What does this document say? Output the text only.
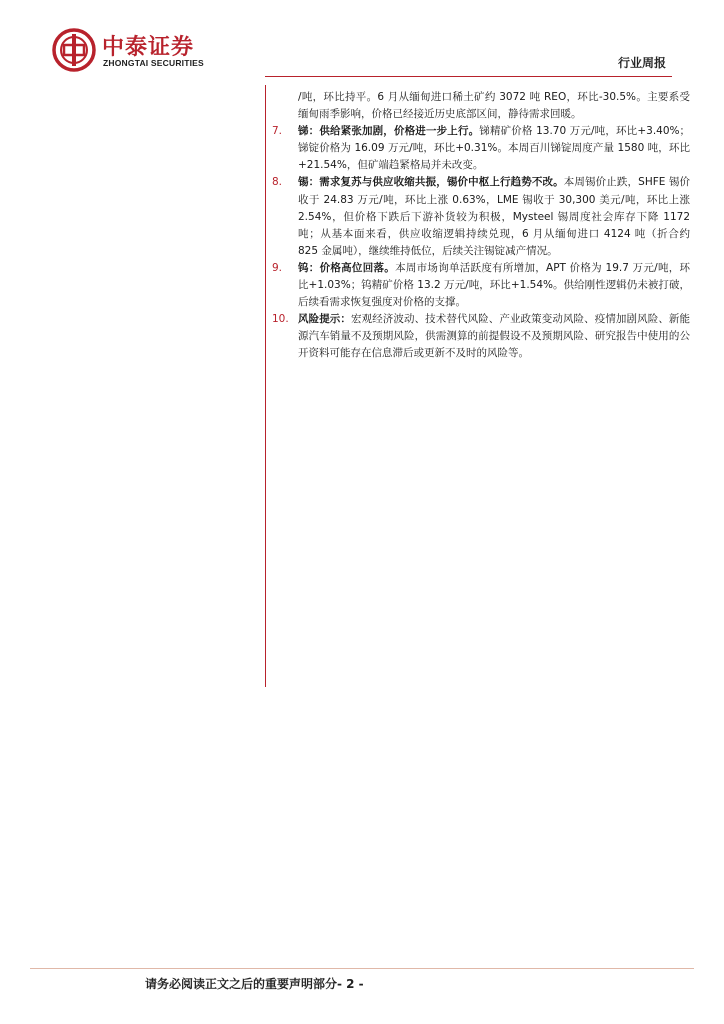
中泰证券
ZHONGTAI SECURITIES	行业周报

/吨，环比持平。6 月从缅甸进口稀土矿约 3072 吨 REO，环比-30.5%。主要系受缅甸雨季影响，价格已经接近历史底部区间，静待需求回暖。

7. 锑：供给紧张加剧，价格进一步上行。锑精矿价格 13.70 万元/吨，环比+3.40%；锑锭价格为 16.09 万元/吨，环比+0.31%。本周百川锑锭周度产量 1580 吨，环比+21.54%，但矿端趋紧格局并未改变。

8. 锡：需求复苏与供应收缩共振，锡价中枢上行趋势不改。本周锡价止跌，SHFE 锡价收于 24.83 万元/吨，环比上涨 0.63%，LME 锡收于 30,300 美元/吨，环比上涨 2.54%，但价格下跌后下游补货较为积极，Mysteel 锡周度社会库存下降 1172 吨；从基本面来看，供应收缩逻辑持续兑现，6 月从缅甸进口 4124 吨（折合约 825 金属吨），继续维持低位，后续关注锡锭减产情况。

9. 钨：价格高位回落。本周市场询单活跃度有所增加，APT 价格为 19.7 万元/吨，环比+1.03%；钨精矿价格 13.2 万元/吨，环比+1.54%。供给刚性逻辑仍未被打破，后续看需求恢复强度对价格的支撑。

10. 风险提示：宏观经济波动、技术替代风险、产业政策变动风险、疫情加剧风险、新能源汽车销量不及预期风险，供需测算的前提假设不及预期风险、研究报告中使用的公开资料可能存在信息滞后或更新不及时的风险等。

请务必阅读正文之后的重要声明部分- 2 -
